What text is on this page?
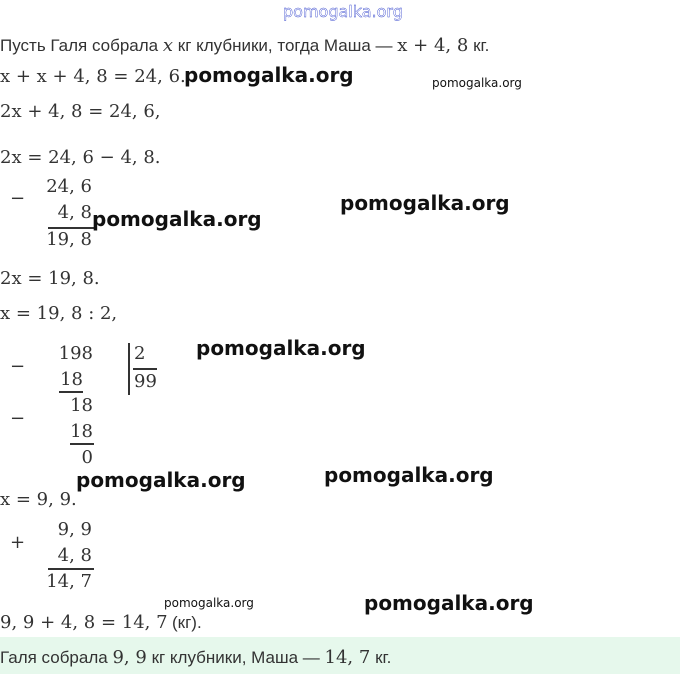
pomogalka.org
Пусть Галя собрала x кг клубники, тогда Маша — x + 4, 8 кг.
x + x + 4, 8 = 24, 6.
2x + 4, 8 = 24, 6,
2x = 24, 6 − 4, 8.
−
24, 6
4, 8
19, 8
2x = 19, 8.
x = 19, 8 : 2,
−
198 2
99
18
−
18
18
0
x = 9, 9.
+
9, 9
4, 8
14, 7
9, 9 + 4, 8 = 14, 7 (кг).
Галя собрала 9, 9 кг клубники, Маша — 14, 7 кг.
pomogalka.org	pomogalka.org
pomogalka.org
pomogalka.org
pomogalka.org
pomogalka.org
pomogalka.org
pomogalka.org	pomogalka.org
